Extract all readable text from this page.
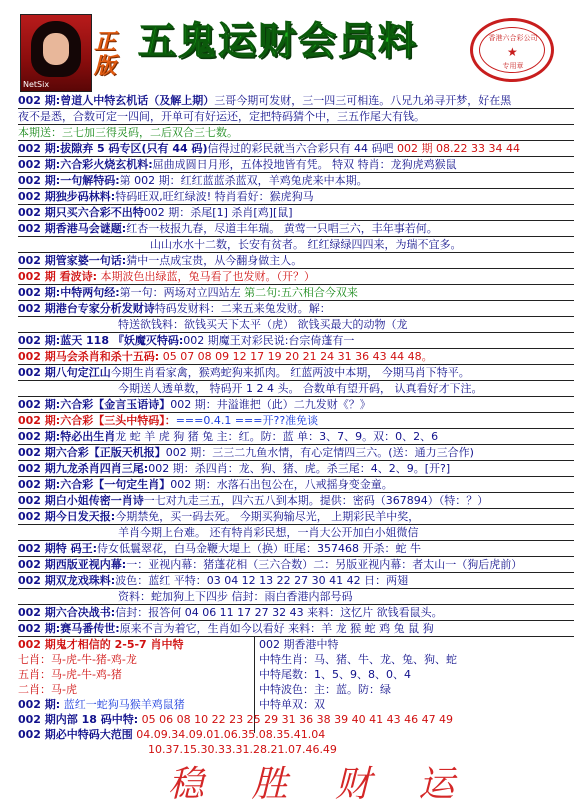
NetSix
正
版
五鬼运财会员料	香港六合彩公司
★
专用章
002 期:曾道人中特玄机话（及解上期）三哥今期可发财，三一四三可相连。八兄九弟寻开梦，好在黑
夜不是悉，合数可定一四间，开单可有好运还，定把特码猜个中，三五作尾大有钱。
本期送：三七加三得灵码，二后双合三七数。
002 期:拔隙弃 5 码专区(只有 44 码)信得过的彩民就当六合彩只有 44 码吧 002 期 08.22 33 34 44
002 期:六合彩火烧玄机料:屈曲成圆日月形，五体投地皆有凭。 特双 特肖：龙狗虎鸡猴鼠
002 期:一句解特码:第 002 期：红红蓝蓝杀蓝双，羊鸡兔虎来中本期。
002 期独步码林料:特码旺双,旺红绿波! 特肖看好：猴虎狗马
002 期只买六合彩不出特002 期：杀尾[1] 杀肖[鸡][鼠]
002 期香港马会谜题:红杏一枝报九春，尽道丰年瑞。 黄莺一只唱三六，丰年事若何。
山山水水十二数，长安有贫者。 红红绿绿四四来，为瑞不宜多。
002 期管家婆一句话:猜中一点成宝贵，从今翻身做主人。
002 期 看波诗: 本期波色出绿蓝，兔马看了也发财。（开？）
002 期:中特两句经:第一句：两场对立四站左 第二句:五六相合今双来
002 期港台专家分析发财诗特码发财料：二来五来兔发财。解：
特送欲钱料：欲钱买天下太平（虎） 欲钱买最大的动物（龙
002 期:蓝天 118 『妖魔灭特码:002 期魔王对彩民说:台宗倚蓬有一
002 期马会杀肖和杀十五码: 05 07 08 09 12 17 19 20 21 24 31 36 43 44 48。
002 期八句定江山今期生肖看家禽，猴鸡蛇狗来抓肉。 红蓝两波中本期， 今期马肖下特平。
今期送人透单数， 特码开 1 2 4 头。 合数单有望开码， 认真看好才下注。
002 期:六合彩【金言玉语诗】002 期：井溢谁把（此）二九发财《？》
002 期:六合彩【三头中特码】：===0.4.1 ===开??准免谈
002 期:特必出生肖龙 蛇 羊 虎 狗 猪 兔 主：红。防：蓝 单：3、7、9。双：0、2、6
002 期六合彩【正版天机报】002 期：三三二九鱼水情，有心定情四三六。(送：通力三合作)
002 期九龙杀肖四肖三尾:002 期：杀四肖：龙、狗、猪、虎。杀三尾：4、2、9。[开?]
002 期:六合彩【一句定生肖】002 期：水落石出包公在，八戒摇身变金童。
002 期白小姐传密一肖诗一七对九走三五，四六五八到本期。提供：密码（367894）（特：？）
002 期今日发天报:今期禁免，买一码去死。 今期买狗输尽光， 上期彩民羊中奖，
羊肖今期上台难。 还有特肖彩民想，一肖大公开加白小姐微信
002 期特 码王:侍女低鬟翠花，白马金鞭大堤上（换）旺尾：357468 开杀：蛇 牛
002 期西版亚视内幕:一：亚视内幕：猪蓬花相（三六合数）二：另版亚视内幕：者太山一（狗后虎前）
002 期双龙戏珠料:波色：蓝红 平特：03 04 12 13 22 27 30 41 42 日：两翅
资料：蛇加狗上下四步 信封：雨白香港内部号码
002 期六合决战书:信封：报答何 04 06 11 17 27 32 43 来料：这忆片 欲钱看鼠头。
002 期:赛马番传世:原来不言为着它，生肖如今以看好 来料：羊 龙 猴 蛇 鸡 兔 鼠 狗
002 期鬼才相信的 2-5-7 肖中特
七肖：马-虎-牛-猪-鸡-龙
五肖：马-虎-牛-鸡-猪
二肖：马-虎
002 期: 蓝红一蛇狗马猴羊鸡鼠猪
002 期内部 18 码中特: 05 06 08 10 22 23 25 29 31 36 38 39 40 41 43 46 47 49
002 期必中特码大范围 04.09.34.09.01.06.35.08.35.41.04
10.37.15.30.33.31.28.21.07.46.49
002 期香港中特
中特生肖：马、猪、牛、龙、兔、狗、蛇
中特尾数：1、5、9、8、0、4
中特波色：主：蓝。防：绿
中特单双：双
稳 胜 财 运
